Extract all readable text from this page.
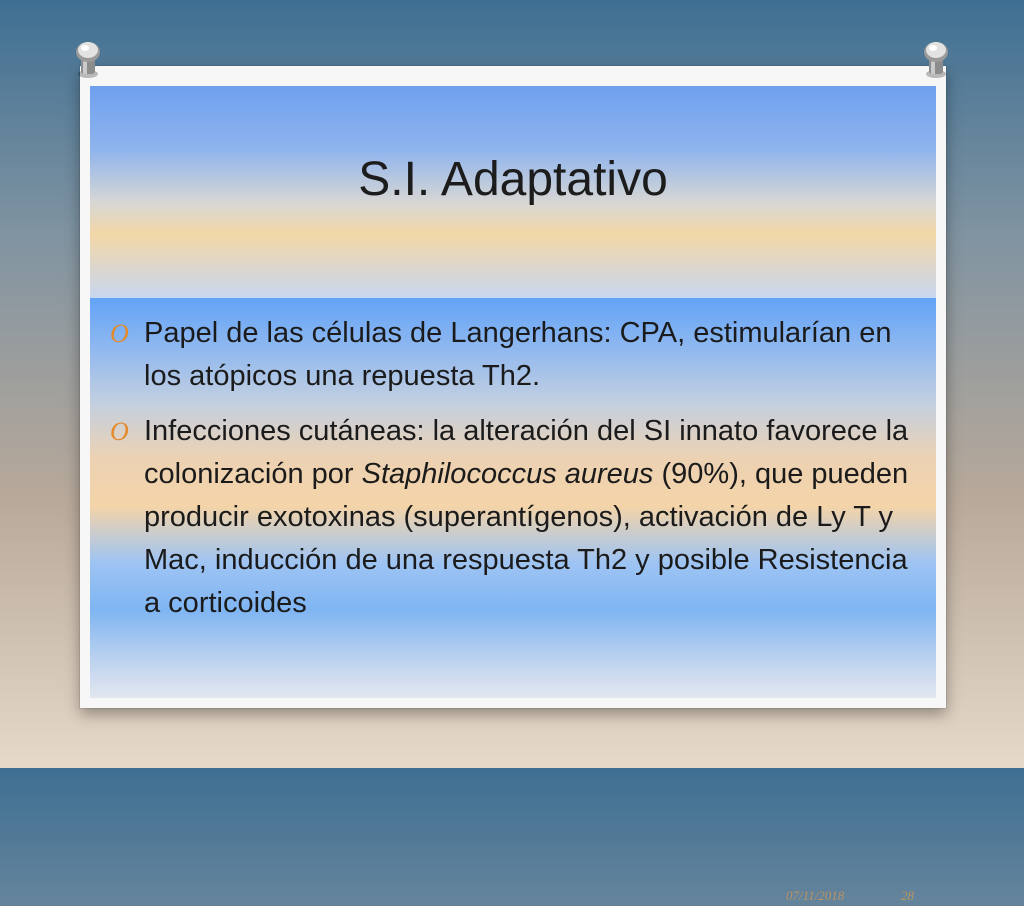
S.I. Adaptativo
O Papel de las células de Langerhans: CPA, estimularían en los atópicos una repuesta Th2.
O Infecciones cutáneas: la alteración del SI innato favorece la colonización por Staphilococcus aureus (90%), que pueden producir exotoxinas (superantígenos), activación de Ly T y Mac, inducción de una respuesta Th2 y posible Resistencia a corticoides
07/11/2018	28
